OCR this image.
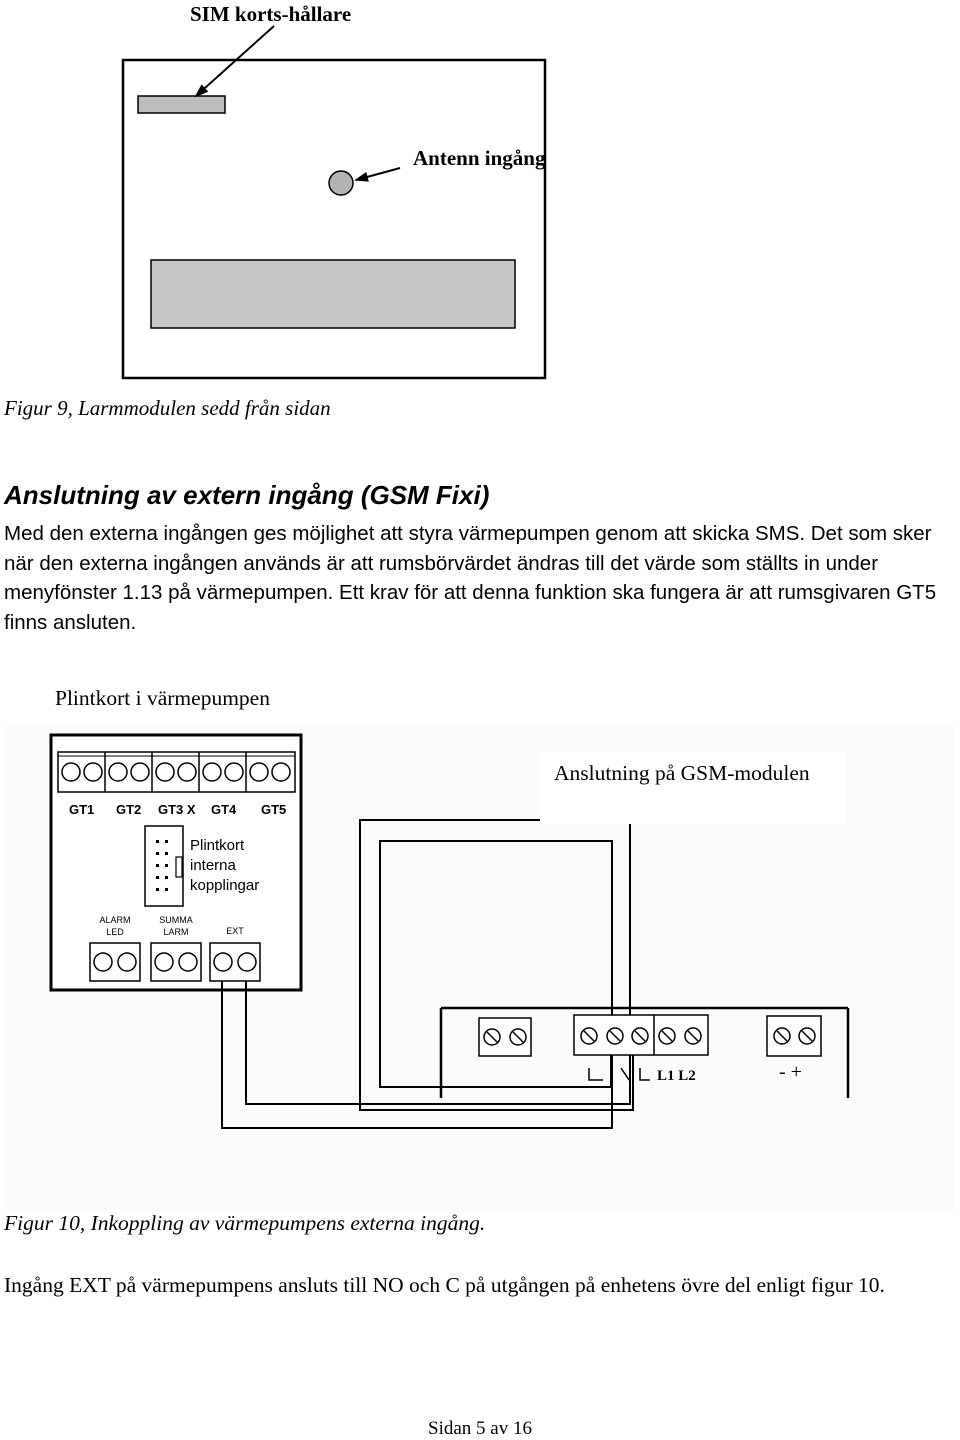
SIM korts-hållare
Antenn ingång
Figur 9, Larmmodulen sedd från sidan
Anslutning av extern ingång (GSM Fixi)
Med den externa ingången ges möjlighet att styra värmepumpen genom att skicka SMS. Det som sker när den externa ingången används är att rumsbörvärdet ändras till det värde som ställts in under menyfönster 1.13 på värmepumpen. Ett krav för att denna funktion ska fungera är att rumsgivaren GT5 finns ansluten.
GT1 GT2 GT3 X GT4 GT5
Plintkort interna kopplingar
ALARM LED
SUMMA LARM	EXT
L1 L2	- +
Plintkort i värmepumpen
Anslutning på GSM-modulen
Figur 10, Inkoppling av värmepumpens externa ingång.
Ingång EXT på värmepumpens ansluts till NO och C på utgången på enhetens övre del enligt figur 10.
Sidan 5 av 16
